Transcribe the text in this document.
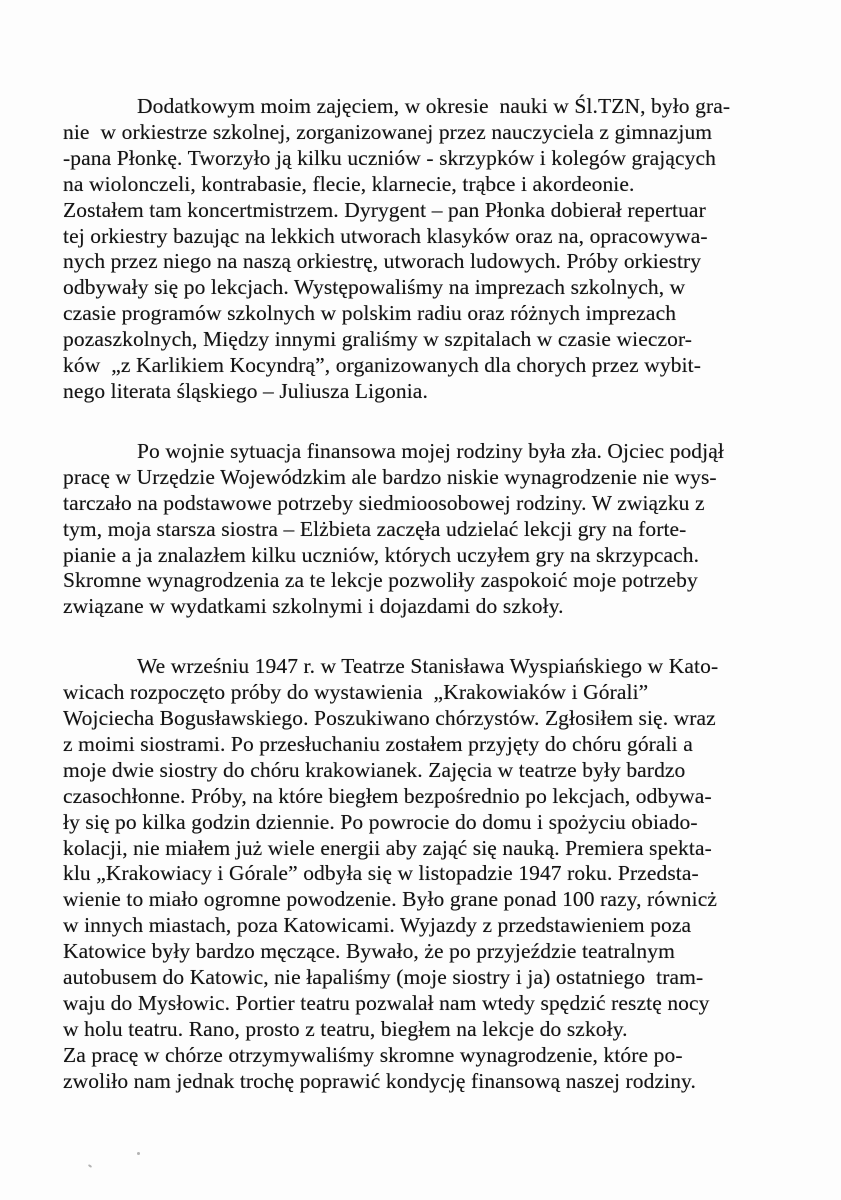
Dodatkowym moim zajęciem, w okresie  nauki w Śl.TZN, było gra-
nie  w orkiestrze szkolnej, zorganizowanej przez nauczyciela z gimnazjum
-pana Płonkę. Tworzyło ją kilku uczniów - skrzypków i kolegów grających
na wiolonczeli, kontrabasie, flecie, klarnecie, trąbce i akordeonie.
Zostałem tam koncertmistrzem. Dyrygent – pan Płonka dobierał repertuar
tej orkiestry bazując na lekkich utworach klasyków oraz na, opracowywa-
nych przez niego na naszą orkiestrę, utworach ludowych. Próby orkiestry
odbywały się po lekcjach. Występowaliśmy na imprezach szkolnych, w
czasie programów szkolnych w polskim radiu oraz różnych imprezach
pozaszkolnych, Między innymi graliśmy w szpitalach w czasie wieczor-
ków  „z Karlikiem Kocyndrą”, organizowanych dla chorych przez wybit-
nego literata śląskiego – Juliusza Ligonia.
Po wojnie sytuacja finansowa mojej rodziny była zła. Ojciec podjął
pracę w Urzędzie Wojewódzkim ale bardzo niskie wynagrodzenie nie wys-
tarczało na podstawowe potrzeby siedmioosobowej rodziny. W związku z
tym, moja starsza siostra – Elżbieta zaczęła udzielać lekcji gry na forte-
pianie a ja znalazłem kilku uczniów, których uczyłem gry na skrzypcach.
Skromne wynagrodzenia za te lekcje pozwoliły zaspokoić moje potrzeby
związane w wydatkami szkolnymi i dojazdami do szkoły.
We wrześniu 1947 r. w Teatrze Stanisława Wyspiańskiego w Kato-
wicach rozpoczęto próby do wystawienia  „Krakowiaków i Górali”
Wojciecha Bogusławskiego. Poszukiwano chórzystów. Zgłosiłem się. wraz
z moimi siostrami. Po przesłuchaniu zostałem przyjęty do chóru górali a
moje dwie siostry do chóru krakowianek. Zajęcia w teatrze były bardzo
czasochłonne. Próby, na które biegłem bezpośrednio po lekcjach, odbywa-
ły się po kilka godzin dziennie. Po powrocie do domu i spożyciu obiado-
kolacji, nie miałem już wiele energii aby zająć się nauką. Premiera spekta-
klu „Krakowiacy i Górale” odbyła się w listopadzie 1947 roku. Przedsta-
wienie to miało ogromne powodzenie. Było grane ponad 100 razy, równicż
w innych miastach, poza Katowicami. Wyjazdy z przedstawieniem poza
Katowice były bardzo męczące. Bywało, że po przyjeździe teatralnym
autobusem do Katowic, nie łapaliśmy (moje siostry i ja) ostatniego  tram-
waju do Mysłowic. Portier teatru pozwalał nam wtedy spędzić resztę nocy
w holu teatru. Rano, prosto z teatru, biegłem na lekcje do szkoły.
Za pracę w chórze otrzymywaliśmy skromne wynagrodzenie, które po-
zwoliło nam jednak trochę poprawić kondycję finansową naszej rodziny.
